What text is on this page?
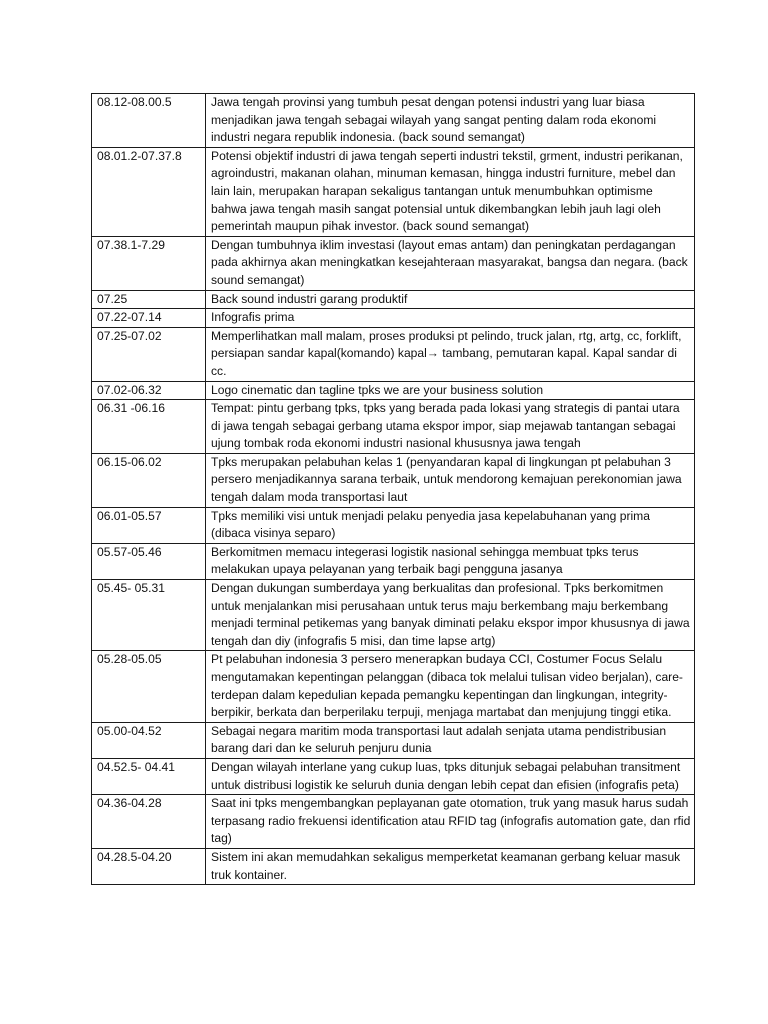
08.12-08.00.5	Jawa tengah provinsi yang tumbuh pesat dengan potensi industri yang luar biasa menjadikan jawa tengah sebagai wilayah yang sangat penting dalam roda ekonomi industri negara republik indonesia. (back sound semangat)
08.01.2-07.37.8	Potensi objektif industri di jawa tengah seperti industri tekstil, grment, industri perikanan, agroindustri, makanan olahan, minuman kemasan, hingga industri furniture, mebel dan lain lain, merupakan harapan sekaligus tantangan untuk menumbuhkan optimisme bahwa jawa tengah masih sangat potensial untuk dikembangkan lebih jauh lagi oleh pemerintah maupun pihak investor. (back sound semangat)
07.38.1-7.29	Dengan tumbuhnya iklim investasi (layout emas antam) dan peningkatan perdagangan pada akhirnya akan meningkatkan kesejahteraan masyarakat, bangsa dan negara. (back sound semangat)
07.25	Back sound industri garang produktif
07.22-07.14	Infografis prima
07.25-07.02	Memperlihatkan mall malam, proses produksi pt pelindo, truck jalan, rtg, artg, cc, forklift, persiapan sandar kapal(komando) kapal→ tambang, pemutaran kapal. Kapal sandar di cc.
07.02-06.32	Logo cinematic dan tagline tpks we are your business solution
06.31 -06.16	Tempat: pintu gerbang tpks, tpks yang berada pada lokasi yang strategis di pantai utara di jawa tengah sebagai gerbang utama ekspor impor, siap mejawab tantangan sebagai ujung tombak roda ekonomi industri nasional khususnya jawa tengah
06.15-06.02	Tpks merupakan pelabuhan kelas 1 (penyandaran kapal di lingkungan pt pelabuhan 3 persero menjadikannya sarana terbaik, untuk mendorong kemajuan perekonomian jawa tengah dalam moda transportasi laut
06.01-05.57	Tpks memiliki visi untuk menjadi pelaku penyedia jasa kepelabuhanan yang prima (dibaca visinya separo)
05.57-05.46	Berkomitmen memacu integerasi logistik nasional sehingga membuat tpks terus melakukan upaya pelayanan yang terbaik bagi pengguna jasanya
05.45- 05.31	Dengan dukungan sumberdaya yang berkualitas dan profesional. Tpks berkomitmen untuk menjalankan misi perusahaan untuk terus maju berkembang maju berkembang menjadi terminal petikemas yang banyak diminati pelaku ekspor impor khususnya di jawa tengah dan diy (infografis 5 misi, dan time lapse artg)
05.28-05.05	Pt pelabuhan indonesia 3 persero menerapkan budaya CCI, Costumer Focus Selalu mengutamakan kepentingan pelanggan (dibaca tok melalui tulisan video berjalan), care- terdepan dalam kepedulian kepada pemangku kepentingan dan lingkungan, integrity- berpikir, berkata dan berperilaku terpuji, menjaga martabat dan menjujung tinggi etika.
05.00-04.52	Sebagai negara maritim moda transportasi laut adalah senjata utama pendistribusian barang dari dan ke seluruh penjuru dunia
04.52.5- 04.41	Dengan wilayah interlane yang cukup luas, tpks ditunjuk sebagai pelabuhan transitment untuk distribusi logistik ke seluruh dunia dengan lebih cepat dan efisien (infografis peta)
04.36-04.28	Saat ini tpks mengembangkan peplayanan gate otomation, truk yang masuk harus sudah terpasang radio frekuensi identification atau RFID tag (infografis automation gate, dan rfid tag)
04.28.5-04.20	Sistem ini akan memudahkan sekaligus memperketat keamanan gerbang keluar masuk truk kontainer.
